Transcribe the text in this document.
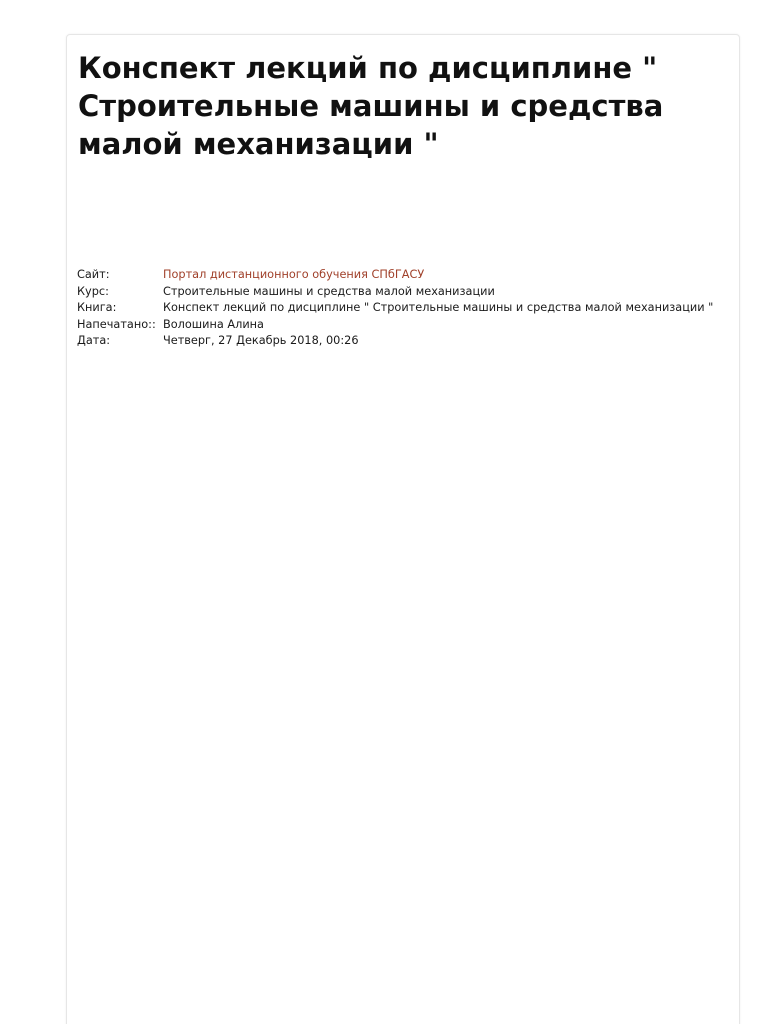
Конспект лекций по дисциплине " Строительные машины и средства малой механизации "
Сайт:	Портал дистанционного обучения СПбГАСУ
Курс:	Строительные машины и средства малой механизации
Книга:	Конспект лекций по дисциплине " Строительные машины и средства малой механизации "
Напечатано::	Волошина Алина
Дата:	Четверг, 27 Декабрь 2018, 00:26
